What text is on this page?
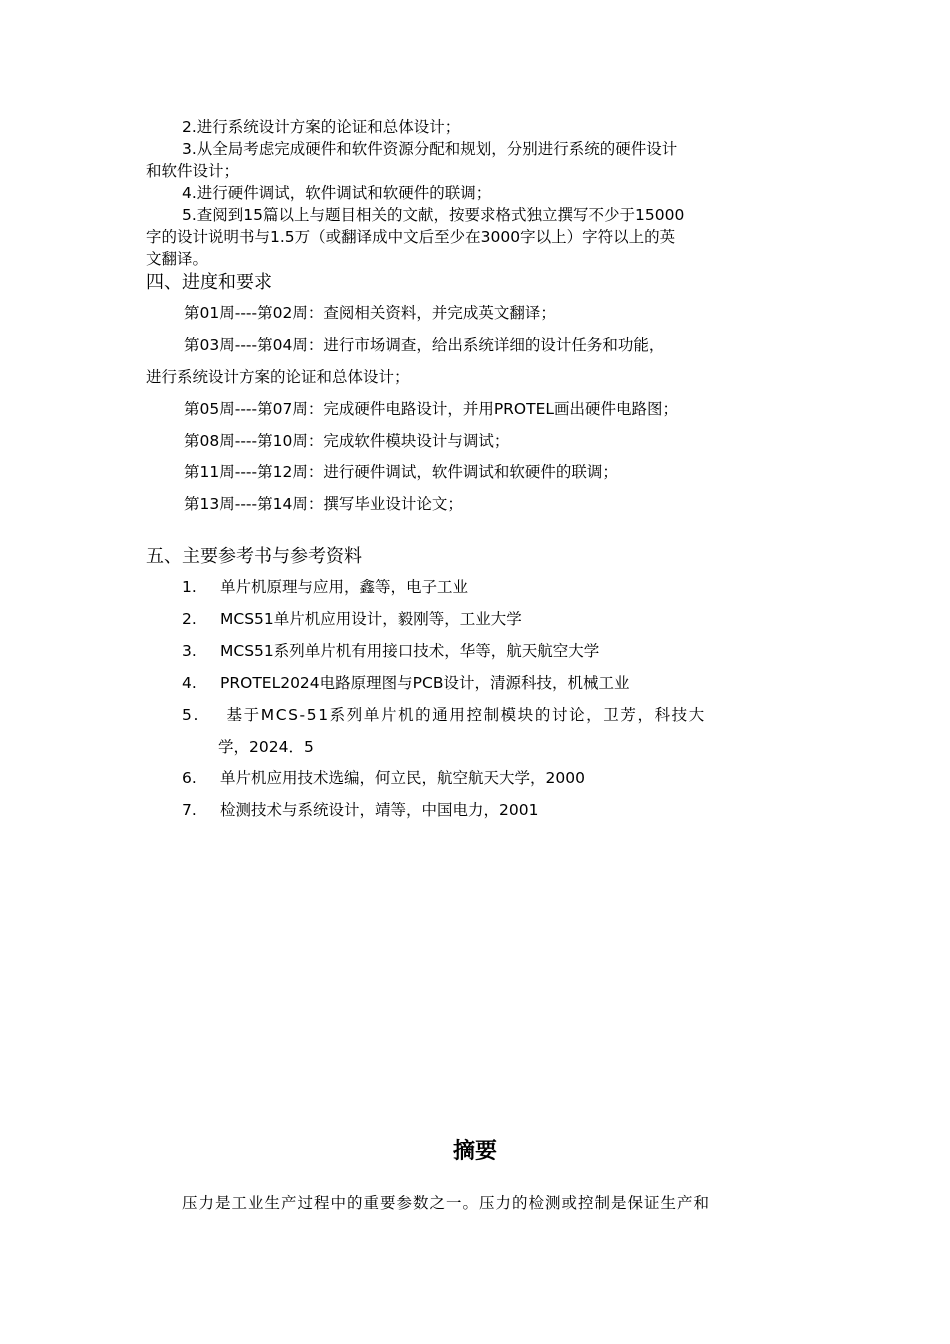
2.进行系统设计方案的论证和总体设计；
3.从全局考虑完成硬件和软件资源分配和规划，分别进行系统的硬件设计
和软件设计；
4.进行硬件调试，软件调试和软硬件的联调；
5.查阅到15篇以上与题目相关的文献，按要求格式独立撰写不少于15000
字的设计说明书与1.5万（或翻译成中文后至少在3000字以上）字符以上的英
文翻译。
四、进度和要求
第01周----第02周：查阅相关资料，并完成英文翻译；
第03周----第04周：进行市场调查，给出系统详细的设计任务和功能，
进行系统设计方案的论证和总体设计；
第05周----第07周：完成硬件电路设计，并用PROTEL画出硬件电路图；
第08周----第10周：完成软件模块设计与调试；
第11周----第12周：进行硬件调试，软件调试和软硬件的联调；
第13周----第14周：撰写毕业设计论文；
五、主要参考书与参考资料
1. 单片机原理与应用，鑫等，电子工业
2. MCS51单片机应用设计，毅刚等，工业大学
3. MCS51系列单片机有用接口技术，华等，航天航空大学
4. PROTEL2024电路原理图与PCB设计，清源科技，机械工业
5. 基于MCS-51系列单片机的通用控制模块的讨论，卫芳，科技大
学，2024．5
6. 单片机应用技术选编，何立民，航空航天大学，2000
7. 检测技术与系统设计，靖等，中国电力，2001
摘要
压力是工业生产过程中的重要参数之一。压力的检测或控制是保证生产和
